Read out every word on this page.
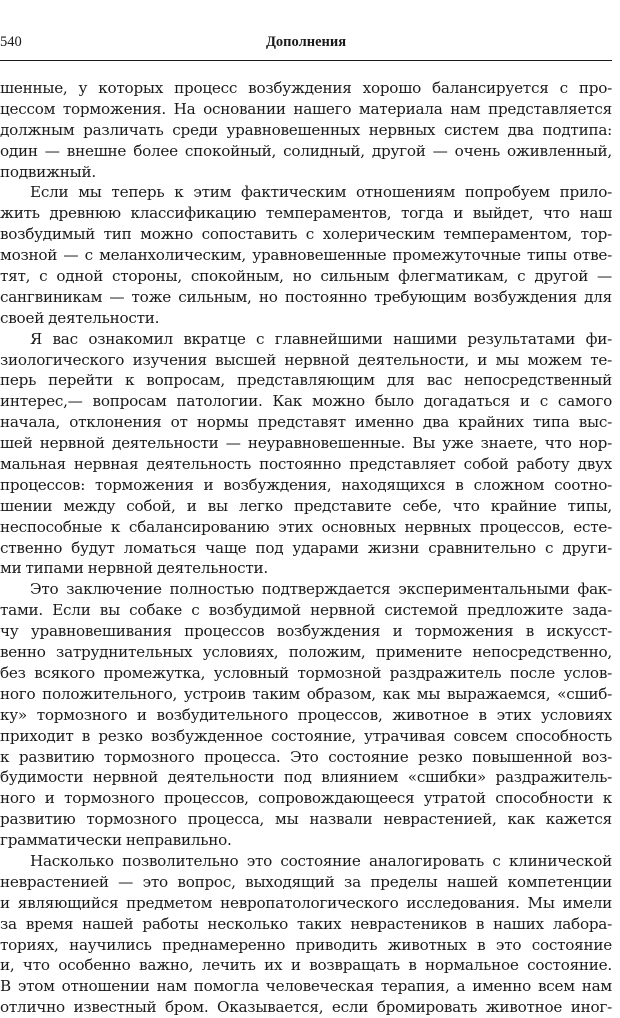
540	Дополнения
шенные, у которых процесс возбуждения хорошо балансируется с про-
цессом торможения. На основании нашего материала нам представляется
должным различать среди уравновешенных нервных систем два подтипа:
один — внешне более спокойный, солидный, другой — очень оживленный,
подвижный.
Если мы теперь к этим фактическим отношениям попробуем прило-
жить древнюю классификацию темпераментов, тогда и выйдет, что наш
возбудимый тип можно сопоставить с холерическим темпераментом, тор-
мозной — с меланхолическим, уравновешенные промежуточные типы отве-
тят, с одной стороны, спокойным, но сильным флегматикам, с другой —
сангвиникам — тоже сильным, но постоянно требующим возбуждения для
своей деятельности.
Я вас ознакомил вкратце с главнейшими нашими результатами фи-
зиологического изучения высшей нервной деятельности, и мы можем те-
перь перейти к вопросам, представляющим для вас непосредственный
интерес,— вопросам патологии. Как можно было догадаться и с самого
начала, отклонения от нормы представят именно два крайних типа выс-
шей нервной деятельности — неуравновешенные. Вы уже знаете, что нор-
мальная нервная деятельность постоянно представляет собой работу двух
процессов: торможения и возбуждения, находящихся в сложном соотно-
шении между собой, и вы легко представите себе, что крайние типы,
неспособные к сбалансированию этих основных нервных процессов, есте-
ственно будут ломаться чаще под ударами жизни сравнительно с други-
ми типами нервной деятельности.
Это заключение полностью подтверждается экспериментальными фак-
тами. Если вы собаке с возбудимой нервной системой предложите зада-
чу уравновешивания процессов возбуждения и торможения в искусст-
венно затруднительных условиях, положим, примените непосредственно,
без всякого промежутка, условный тормозной раздражитель после услов-
ного положительного, устроив таким образом, как мы выражаемся, «сшиб-
ку» тормозного и возбудительного процессов, животное в этих условиях
приходит в резко возбужденное состояние, утрачивая совсем способность
к развитию тормозного процесса. Это состояние резко повышенной воз-
будимости нервной деятельности под влиянием «сшибки» раздражитель-
ного и тормозного процессов, сопровождающееся утратой способности к
развитию тормозного процесса, мы назвали неврастенией, как кажется
грамматически неправильно.
Насколько позволительно это состояние аналогировать с клинической
неврастенией — это вопрос, выходящий за пределы нашей компетенции
и являющийся предметом невропатологического исследования. Мы имели
за время нашей работы несколько таких неврастеников в наших лабора-
ториях, научились преднамеренно приводить животных в это состояние
и, что особенно важно, лечить их и возвращать в нормальное состояние.
В этом отношении нам помогла человеческая терапия, а именно всем нам
отлично известный бром. Оказывается, если бромировать животное иног-
